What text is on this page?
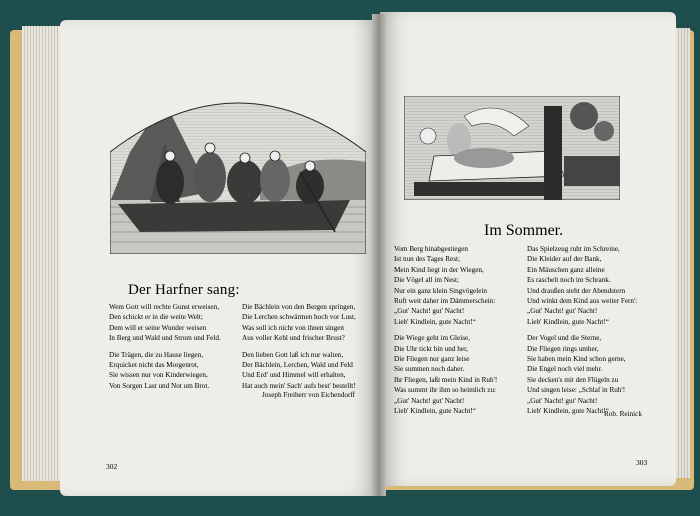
Der Harfner sang:
Wem Gott will rechte Gunst erweisen,
Den schickt er in die weite Welt;
Dem will er seine Wunder weisen
In Berg und Wald und Strom und Feld.
Die Trägen, die zu Hause liegen,
Erquicket nicht das Morgenrot,
Sie wissen nur von Kinderwiegen,
Von Sorgen Last und Not um Brot.
Die Bächlein von den Bergen springen,
Die Lerchen schwärmen hoch vor Lust,
Was soll ich nicht von ihnen singen
Aus voller Kehl und frischer Brust?
Den lieben Gott laß ich nur walten,
Der Bächlein, Lerchen, Wald und Feld
Und Erd' und Himmel will erhalten,
Hat auch mein' Sach' aufs best' bestellt!
Joseph Freiherr von Eichendorff
302
Im Sommer.
Vom Berg hinabgestiegen
Ist nun des Tages Rest;
Mein Kind liegt in der Wiegen,
Die Vögel all im Nest;
Nur ein ganz klein Singvögelein
Ruft weit daher im Dämmerschein:
„Gut' Nacht! gut' Nacht!
Lieb' Kindlein, gute Nacht!“
Die Wiege geht im Gleise,
Die Uhr tickt hin und her,
Die Fliegen nur ganz leise
Sie summen noch daher.
Ihr Fliegen, laßt mein Kind in Ruh'!
Was summt ihr ihm so heimlich zu:
„Gut' Nacht! gut' Nacht!
Lieb' Kindlein, gute Nacht!“
Das Spielzeug ruht im Schreine,
Die Kleider auf der Bank,
Ein Mäuschen ganz alleine
Es raschelt noch im Schrank.
Und draußen steht der Abendstern
Und winkt dem Kind aus weiter Fern':
„Gut' Nacht! gut' Nacht!
Lieb' Kindlein, gute Nacht!“
Der Vogel und die Sterne,
Die Fliegen rings umher,
Sie haben mein Kind schon gerne,
Die Engel noch viel mehr.
Sie decken's mit den Flügeln zu
Und singen leise: „Schlaf in Ruh'!
„Gut' Nacht! gut' Nacht!
Lieb' Kindlein, gute Nacht!“
Rob. Reinick
303
